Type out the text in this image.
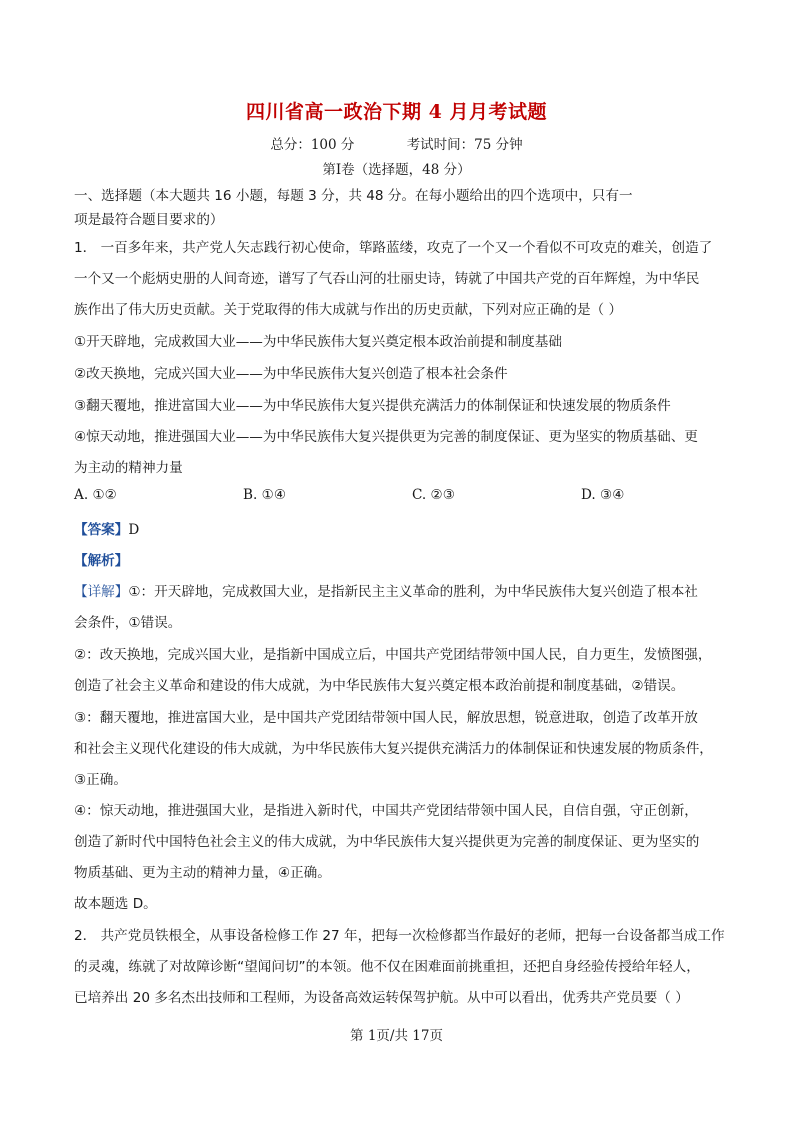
四川省高一政治下期 4 月月考试题
总分：100 分	考试时间：75 分钟
第Ⅰ卷（选择题，48 分）
一、选择题（本大题共 16 小题，每题 3 分，共 48 分。在每小题给出的四个选项中，只有一
项是最符合题目要求的）
1． 一百多年来，共产党人矢志践行初心使命，筚路蓝缕，攻克了一个又一个看似不可攻克的难关，创造了
一个又一个彪炳史册的人间奇迹，谱写了气吞山河的壮丽史诗，铸就了中国共产党的百年辉煌，为中华民
族作出了伟大历史贡献。关于党取得的伟大成就与作出的历史贡献，下列对应正确的是（ ）
①开天辟地，完成救国大业——为中华民族伟大复兴奠定根本政治前提和制度基础
②改天换地，完成兴国大业——为中华民族伟大复兴创造了根本社会条件
③翻天覆地，推进富国大业——为中华民族伟大复兴提供充满活力的体制保证和快速发展的物质条件
④惊天动地，推进强国大业——为中华民族伟大复兴提供更为完善的制度保证、更为坚实的物质基础、更
为主动的精神力量
A. ①②	B. ①④	C. ②③	D. ③④
【答案】D
【解析】
【详解】①：开天辟地，完成救国大业，是指新民主主义革命的胜利，为中华民族伟大复兴创造了根本社
会条件，①错误。
②：改天换地，完成兴国大业，是指新中国成立后，中国共产党团结带领中国人民，自力更生，发愤图强，
创造了社会主义革命和建设的伟大成就，为中华民族伟大复兴奠定根本政治前提和制度基础，②错误。
③：翻天覆地，推进富国大业，是中国共产党团结带领中国人民，解放思想，锐意进取，创造了改革开放
和社会主义现代化建设的伟大成就，为中华民族伟大复兴提供充满活力的体制保证和快速发展的物质条件，
③正确。
④：惊天动地，推进强国大业，是指进入新时代，中国共产党团结带领中国人民，自信自强，守正创新，
创造了新时代中国特色社会主义的伟大成就，为中华民族伟大复兴提供更为完善的制度保证、更为坚实的
物质基础、更为主动的精神力量，④正确。
故本题选 D。
2． 共产党员铁根全，从事设备检修工作 27 年，把每一次检修都当作最好的老师，把每一台设备都当成工作
的灵魂，练就了对故障诊断“望闻问切”的本领。他不仅在困难面前挑重担，还把自身经验传授给年轻人，
已培养出 20 多名杰出技师和工程师，为设备高效运转保驾护航。从中可以看出，优秀共产党员要（ ）
第 1页/共 17页
